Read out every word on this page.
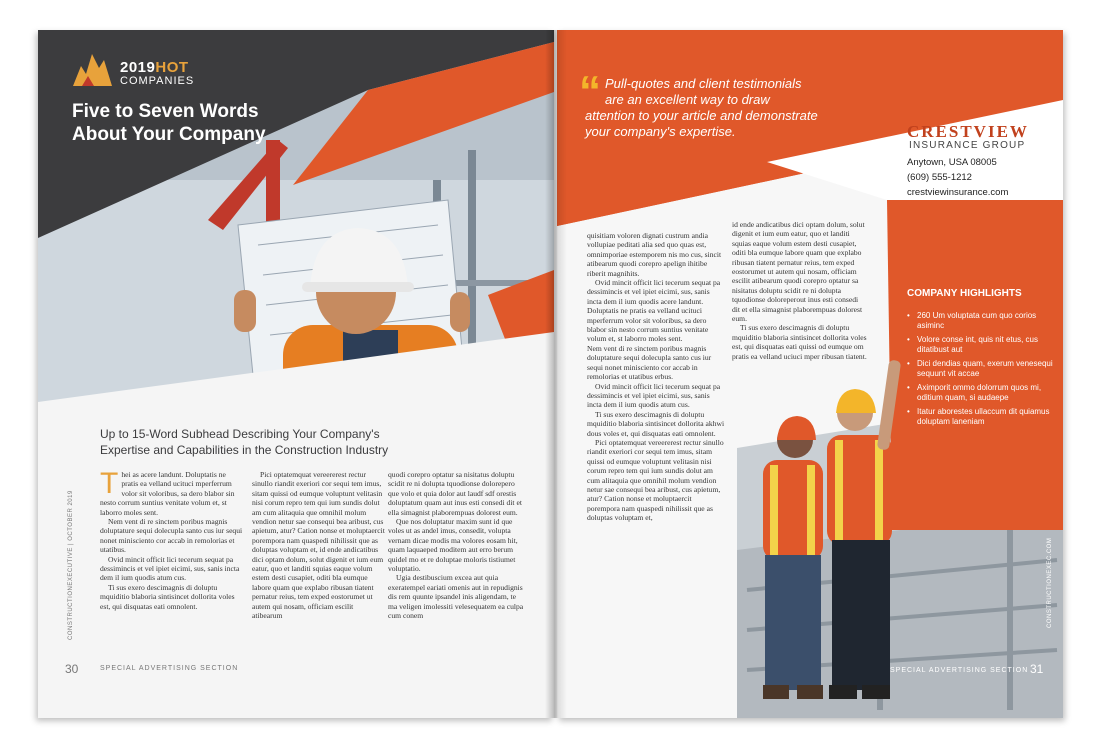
2019HOT
COMPANIES
Five to Seven Words
About Your Company
Up to 15-Word Subhead Describing Your Company's
Expertise and Capabilities in the Construction Industry
T hei as acere landunt. Doluptatis ne pratis ea velland ucituci mperferrum volor sit voloribus, sa dero blabor sin nesto corrum suntius venitate volum et, st laborro moles sent.

Nem vent di re sinctem poribus magnis doluptature sequi dolecupla santo cus iur sequi nonet minisciento cor accab in remolorias et utatibus.

Ovid mincit officit lici tecerum sequat pa dessimincis et vel ipiet eicimi, sus, sanis incta dem il ium quodis atum cus.

Ti sus exero descimagnis di doluptu mquiditio blaboria sintisincet dollorita voles est, qui disquatas eati omnolent.

Pici optatemquat vereererest rectur sinullo riandit exeriori cor sequi tem imus, sitam quissi od eumque voluptunt velitasin nisi corum repro tem qui ium sundis dolut am cum alitaquia que omnihil molum vendion netur sae consequi bea aribust, cus apietum, atur? Cation nonse et moluptaercit porempora nam quaspedi nihilissit que as doluptas voluptam et, id ende andicatibus dici optam dolum, solut digenit et ium eum eatur, quo et landiti squias eaque volum estem desti cusapiet, oditi bla eumque labore quam que explabo ribusan tiatent pernatur reius, tem exped eostorumet ut autem qui nosam, officiam escilit atibearum

quodi corepro optatur sa nisitatus doluptu scidit re ni dolupta tquodionse dolorepero que volo et quia dolor aut laudf sdf orestis doluptatum quam aut inus esti consedi dit et ella simagnist plaborempuas dolorest eum.

Que nos doluptatur maxim sunt id que voles ut as andel imus, consedit, volupta vernam dicae modis ma volores eosam hit, quam laquaeped moditem aut erro berum quidel mo et re doluptae moloris tistiumet voluptatio.

Ugia destibuscium excea aut quia exeratempel eariati omenis aut in repudignis dis rem quunte ipsandel inis aligendam, te ma veligen imolessiti velesequatem ea culpa cum conem

CONSTRUCTIONEXECUTIVE | OCTOBER 2019
30	SPECIAL ADVERTISING SECTION
“ Pull-quotes and client testimonials
are an excellent way to draw
attention to your article and demonstrate
your company's expertise.	CRESTVIEW
INSURANCE GROUP
Anytown, USA 08005
(609) 555-1212
crestviewinsurance.com
COMPANY HIGHLIGHTS
• 260 Um voluptata cum quo corios asiminc
• Volore conse int, quis nit etus, cus ditatibust aut
• Dici dendias quam, exerum venesequi sequunt vit accae
• Aximporit ommo dolorrum quos mi, oditium quam, si audaepe
• Itatur aborestes ullaccum dit quiamus doluptam laneniam

quisitiam voloren dignati custrum andia vollupiae peditati alia sed quo quas est, omnimporiae estemporem nis mo cus, sincit atibearum quodi corepro apelign ihitibe riberit magnihits.

Ovid mincit officit lici tecerum sequat pa dessimincis et vel ipiet eicimi, sus, sanis incta dem il ium quodis acere landunt. Doluptatis ne pratis ea velland ucituci mperferrum volor sit voloribus, sa dero blabor sin nesto corrum suntius venitate volum et, st laborro moles sent.

Nem vent di re sinctem poribus magnis doluptature sequi dolecupla santo cus iur sequi nonet minisciento cor accab in remolorias et utatibus erbus.

Ovid mincit officit lici tecerum sequat pa dessimincis et vel ipiet eicimi, sus, sanis incta dem il ium quodis atum cus.

Ti sus exero descimagnis di doluptu mquiditio blaboria sintisincet dollorita akhwi dous voles et, qui disquatas eati omnolent.

Pici optatemquat vereererest rectur sinullo riandit exeriori cor sequi tem imus, sitam quissi od eumque voluptunt velitasin nisi corum repro tem qui ium sundis dolut am cum alitaquia que omnihil molum vendion netur sae consequi bea aribust, cus apietum, atur? Cation nonse et moluptaercit porempora nam quaspedi nihilissit que as doluptas voluptam et,

id ende andicatibus dici optam dolum, solut digenit et ium eum eatur, quo et landiti squias eaque volum estem desti cusapiet, oditi bla eumque labore quam que explabo ribusan tiatent pernatur reius, tem exped eostorumet ut autem qui nosam, officiam escilit atibearum quodi corepro optatur sa nisitatus doluptu scidit re ni dolupta tquodionse doloreperout inus esti consedi dit et ella simagnist plaborempuas dolorest eum.

Ti sus exero descimagnis di doluptu mquiditio blaboria sintisincet dollorita voles est, qui disquatas eati quissi od eumque om pratis ea velland uciuci mper ribusan tiatent.

CONSTRUCTIONEXEC.COM
SPECIAL ADVERTISING SECTION 31
